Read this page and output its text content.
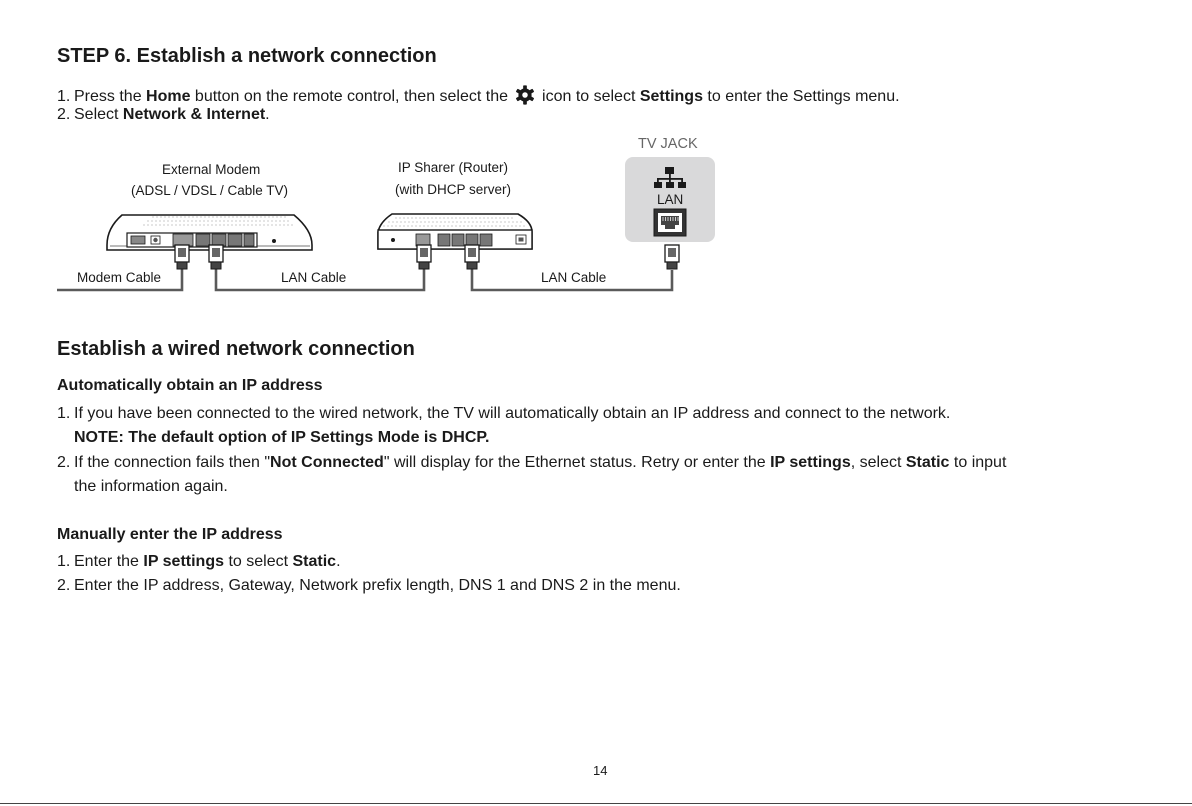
STEP 6. Establish a network connection
1. Press the Home button on the remote control, then select the icon to select Settings to enter the Settings menu.
2. Select Network & Internet.
External Modem
(ADSL / VDSL / Cable TV)
IP Sharer (Router)
(with DHCP server)
TV JACK
LAN
Modem Cable	LAN Cable	LAN Cable
Establish a wired network connection
Automatically obtain an IP address
1. If you have been connected to the wired network, the TV will automatically obtain an IP address and connect to the network.
NOTE: The default option of IP Settings Mode is DHCP.
2. If the connection fails then "Not Connected" will display for the Ethernet status. Retry or enter the IP settings, select Static to input
the information again.
Manually enter the IP address
1. Enter the IP settings to select Static.
2. Enter the IP address, Gateway, Network prefix length, DNS 1 and DNS 2 in the menu.
14
